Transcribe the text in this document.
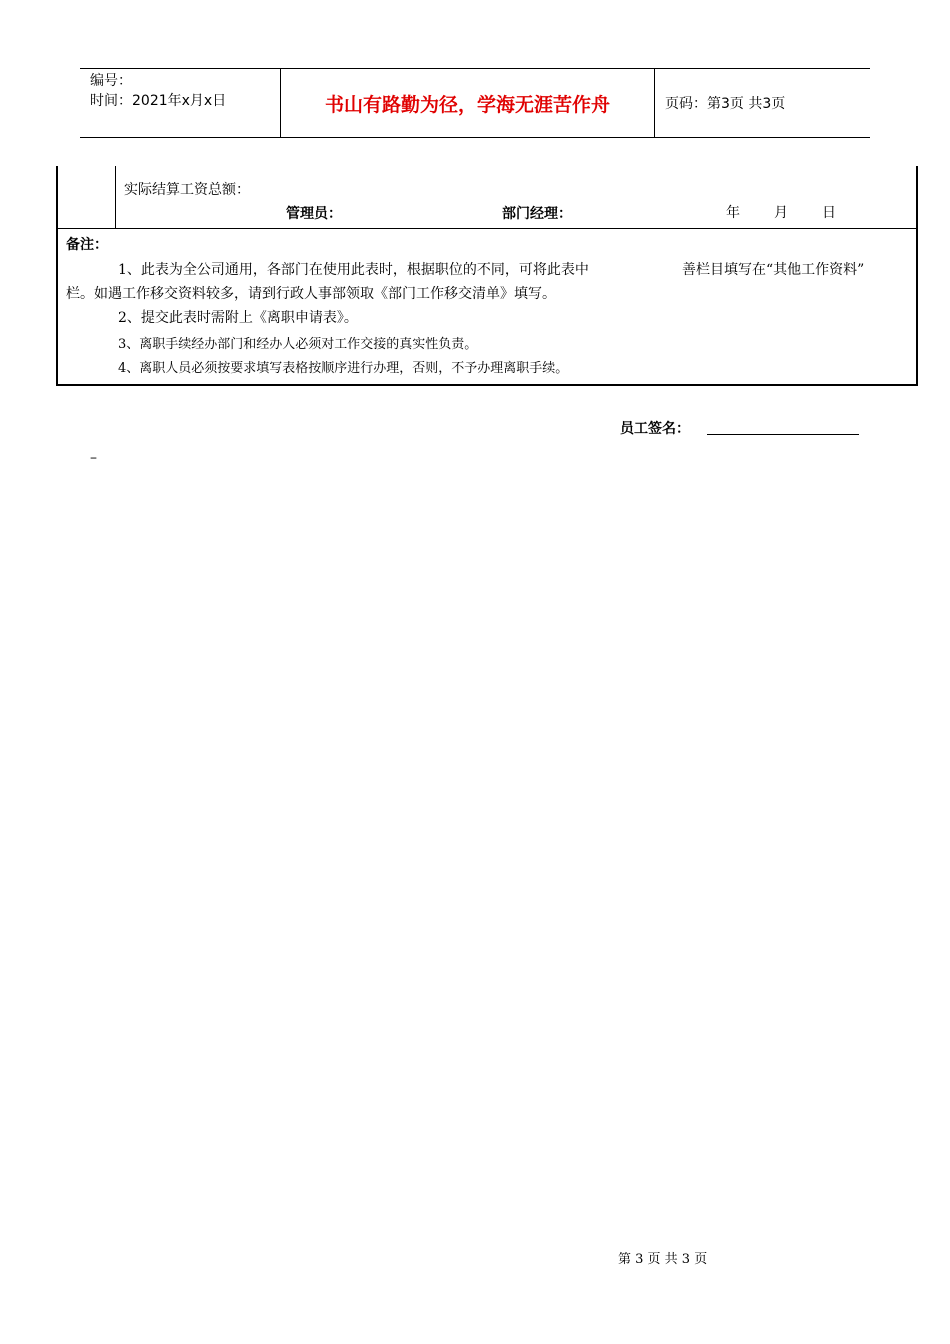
编号：
时间：2021年x月x日	书山有路勤为径，学海无涯苦作舟	页码：第3页 共3页
实际结算工资总额：
管理员：	部门经理：	年 月 日
备注：
1、此表为全公司通用，各部门在使用此表时，根据职位的不同，可将此表中	善栏目填写在“其他工作资料”
栏。如遇工作移交资料较多，请到行政人事部领取《部门工作移交清单》填写。
2、提交此表时需附上《离职申请表》。
3、离职手续经办部门和经办人必须对工作交接的真实性负责。
4、离职人员必须按要求填写表格按顺序进行办理，否则，不予办理离职手续。
员工签名：
–
第 3 页 共 3 页
